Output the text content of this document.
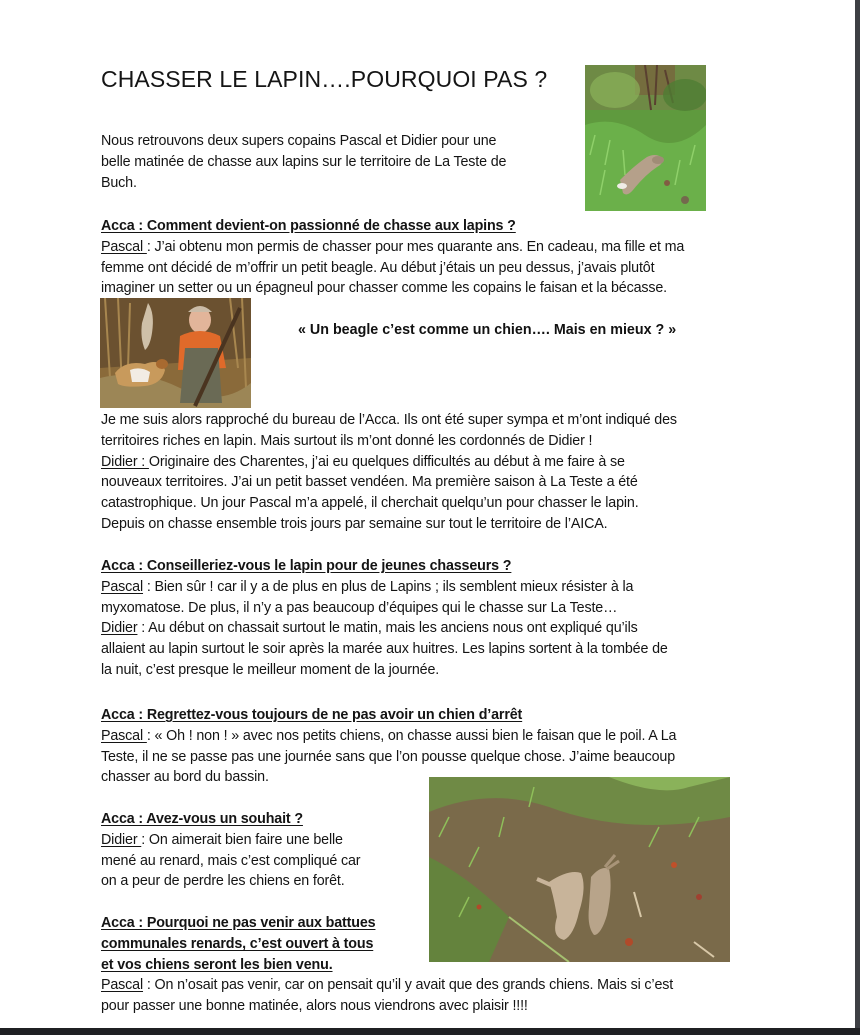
CHASSER LE LAPIN….POURQUOI PAS ?
Nous retrouvons deux supers copains Pascal et Didier pour une
belle matinée de chasse aux lapins sur le territoire de La Teste de
Buch.
Acca : Comment devient-on passionné de chasse aux lapins ?
Pascal : J’ai obtenu mon permis de chasser pour mes quarante ans. En cadeau, ma fille et ma
femme ont décidé de m’offrir un petit beagle. Au début j’étais un peu dessus, j’avais plutôt
imaginer un setter ou un épagneul pour chasser comme les copains le faisan et la bécasse.
« Un beagle c’est comme un chien…. Mais en mieux ? »
Je me suis alors rapproché du bureau de l’Acca. Ils ont été super sympa et m’ont indiqué des
territoires riches en lapin. Mais surtout ils m’ont donné les cordonnés de Didier !
Didier : Originaire des Charentes, j’ai eu quelques difficultés au début à me faire à se
nouveaux territoires. J’ai un petit basset vendéen. Ma première saison à La Teste a été
catastrophique. Un jour Pascal m’a appelé, il cherchait quelqu’un pour chasser le lapin.
Depuis on chasse ensemble trois jours par semaine sur tout le territoire de l’AICA.
Acca : Conseilleriez-vous le lapin pour de jeunes chasseurs ?
Pascal : Bien sûr ! car il y a de plus en plus de Lapins ; ils semblent mieux résister à la
myxomatose. De plus, il n’y a pas beaucoup d’équipes qui le chasse sur La Teste…
Didier : Au début on chassait surtout le matin, mais les anciens nous ont expliqué qu’ils
allaient au lapin surtout le soir après la marée aux huitres. Les lapins sortent à la tombée de
la nuit, c’est presque le meilleur moment de la journée.
Acca : Regrettez-vous toujours de ne pas avoir un chien d’arrêt
Pascal : « Oh ! non ! » avec nos petits chiens, on chasse aussi bien le faisan que le poil. A La
Teste, il ne se passe pas une journée sans que l’on pousse quelque chose. J’aime beaucoup
chasser au bord du bassin.
Acca : Avez-vous un souhait ?
Didier : On aimerait bien faire une belle
mené au renard, mais c’est compliqué car
on a peur de perdre les chiens en forêt.
Acca : Pourquoi ne pas venir aux battues
communales renards, c’est ouvert à tous
et vos chiens seront les bien venu.
Pascal : On n’osait pas venir, car on pensait qu’il y avait que des grands chiens. Mais si c’est
pour passer une bonne matinée, alors nous viendrons avec plaisir !!!!
